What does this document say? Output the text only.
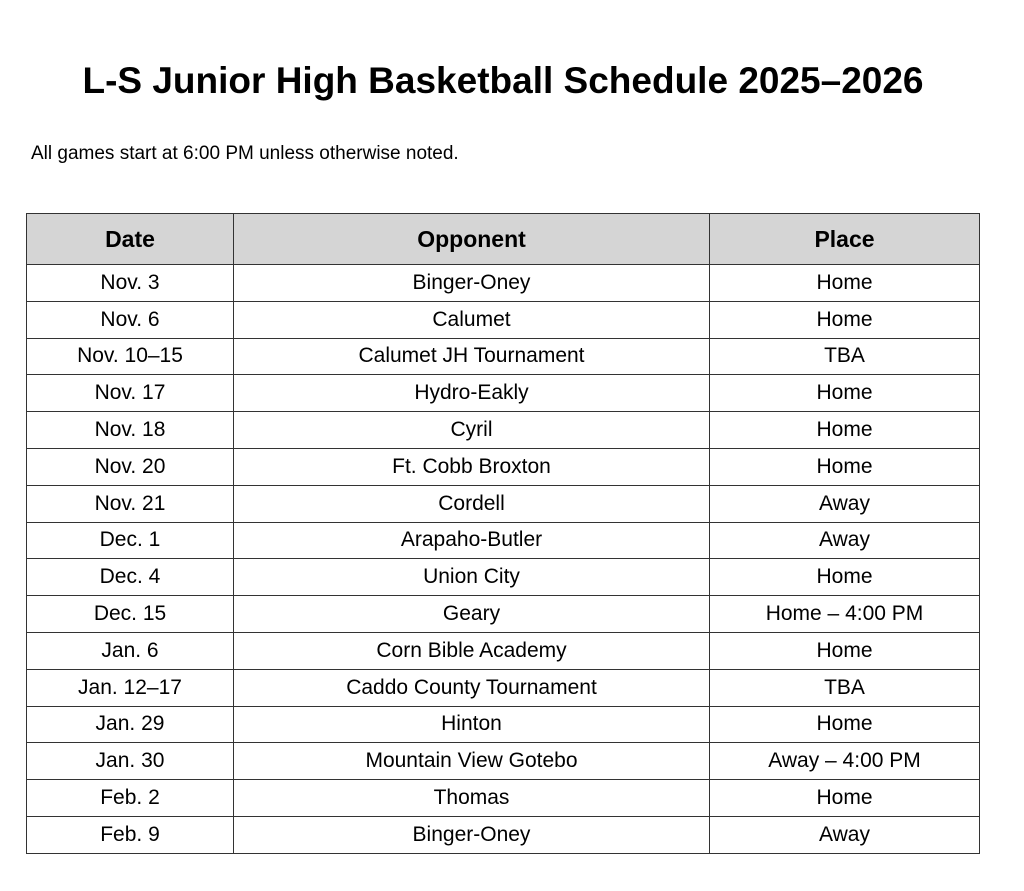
L-S Junior High Basketball Schedule 2025–2026

All games start at 6:00 PM unless otherwise noted.

Date	Opponent	Place
Nov. 3	Binger-Oney	Home
Nov. 6	Calumet	Home
Nov. 10–15	Calumet JH Tournament	TBA
Nov. 17	Hydro-Eakly	Home
Nov. 18	Cyril	Home
Nov. 20	Ft. Cobb Broxton	Home
Nov. 21	Cordell	Away
Dec. 1	Arapaho-Butler	Away
Dec. 4	Union City	Home
Dec. 15	Geary	Home – 4:00 PM
Jan. 6	Corn Bible Academy	Home
Jan. 12–17	Caddo County Tournament	TBA
Jan. 29	Hinton	Home
Jan. 30	Mountain View Gotebo	Away – 4:00 PM
Feb. 2	Thomas	Home
Feb. 9	Binger-Oney	Away
